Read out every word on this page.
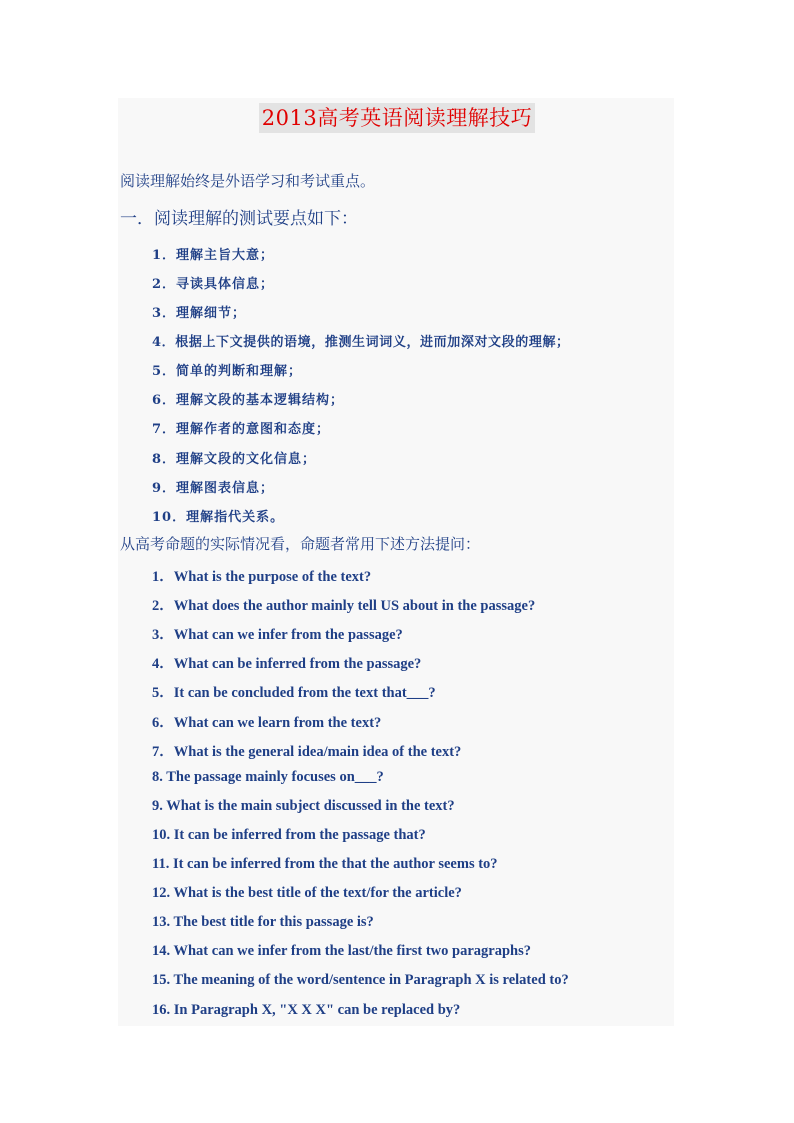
2013高考英语阅读理解技巧
阅读理解始终是外语学习和考试重点。
一．阅读理解的测试要点如下：
1．理解主旨大意；
2．寻读具体信息；
3．理解细节；
4．根据上下文提供的语境，推测生词词义，进而加深对文段的理解；
5．简单的判断和理解；
6．理解文段的基本逻辑结构；
7．理解作者的意图和态度；
8．理解文段的文化信息；
9．理解图表信息；
10．理解指代关系。
从高考命题的实际情况看，命题者常用下述方法提问：
1．What is the purpose of the text?
2．What does the author mainly tell US about in the passage?
3．What can we infer from the passage?
4．What can be inferred from the passage?
5．It can be concluded from the text that___?
6．What can we learn from the text?
7．What is the general idea/main idea of the text?
8. The passage mainly focuses on___?
9. What is the main subject discussed in the text?
10. It can be inferred from the passage that?
11. It can be inferred from the that the author seems to?
12. What is the best title of the text/for the article?
13. The best title for this passage is?
14. What can we infer from the last/the first two paragraphs?
15. The meaning of the word/sentence in Paragraph X is related to?
16. In Paragraph X, "X X X" can be replaced by?
